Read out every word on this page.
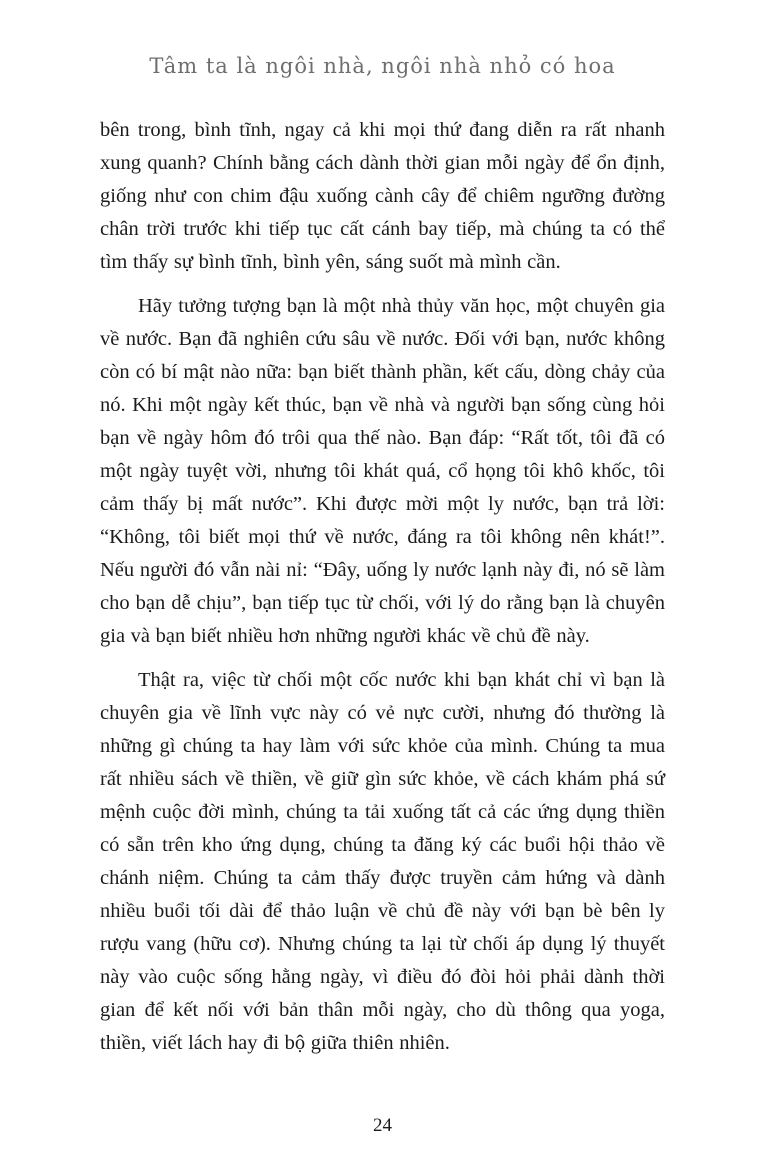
Tâm ta là ngôi nhà, ngôi nhà nhỏ có hoa

bên trong, bình tĩnh, ngay cả khi mọi thứ đang diễn ra rất nhanh xung quanh? Chính bằng cách dành thời gian mỗi ngày để ổn định, giống như con chim đậu xuống cành cây để chiêm ngưỡng đường chân trời trước khi tiếp tục cất cánh bay tiếp, mà chúng ta có thể tìm thấy sự bình tĩnh, bình yên, sáng suốt mà mình cần.

Hãy tưởng tượng bạn là một nhà thủy văn học, một chuyên gia về nước. Bạn đã nghiên cứu sâu về nước. Đối với bạn, nước không còn có bí mật nào nữa: bạn biết thành phần, kết cấu, dòng chảy của nó. Khi một ngày kết thúc, bạn về nhà và người bạn sống cùng hỏi bạn về ngày hôm đó trôi qua thế nào. Bạn đáp: “Rất tốt, tôi đã có một ngày tuyệt vời, nhưng tôi khát quá, cổ họng tôi khô khốc, tôi cảm thấy bị mất nước”. Khi được mời một ly nước, bạn trả lời: “Không, tôi biết mọi thứ về nước, đáng ra tôi không nên khát!”. Nếu người đó vẫn nài nỉ: “Đây, uống ly nước lạnh này đi, nó sẽ làm cho bạn dễ chịu”, bạn tiếp tục từ chối, với lý do rằng bạn là chuyên gia và bạn biết nhiều hơn những người khác về chủ đề này.

Thật ra, việc từ chối một cốc nước khi bạn khát chỉ vì bạn là chuyên gia về lĩnh vực này có vẻ nực cười, nhưng đó thường là những gì chúng ta hay làm với sức khỏe của mình. Chúng ta mua rất nhiều sách về thiền, về giữ gìn sức khỏe, về cách khám phá sứ mệnh cuộc đời mình, chúng ta tải xuống tất cả các ứng dụng thiền có sẵn trên kho ứng dụng, chúng ta đăng ký các buổi hội thảo về chánh niệm. Chúng ta cảm thấy được truyền cảm hứng và dành nhiều buổi tối dài để thảo luận về chủ đề này với bạn bè bên ly rượu vang (hữu cơ). Nhưng chúng ta lại từ chối áp dụng lý thuyết này vào cuộc sống hằng ngày, vì điều đó đòi hỏi phải dành thời gian để kết nối với bản thân mỗi ngày, cho dù thông qua yoga, thiền, viết lách hay đi bộ giữa thiên nhiên.

24
